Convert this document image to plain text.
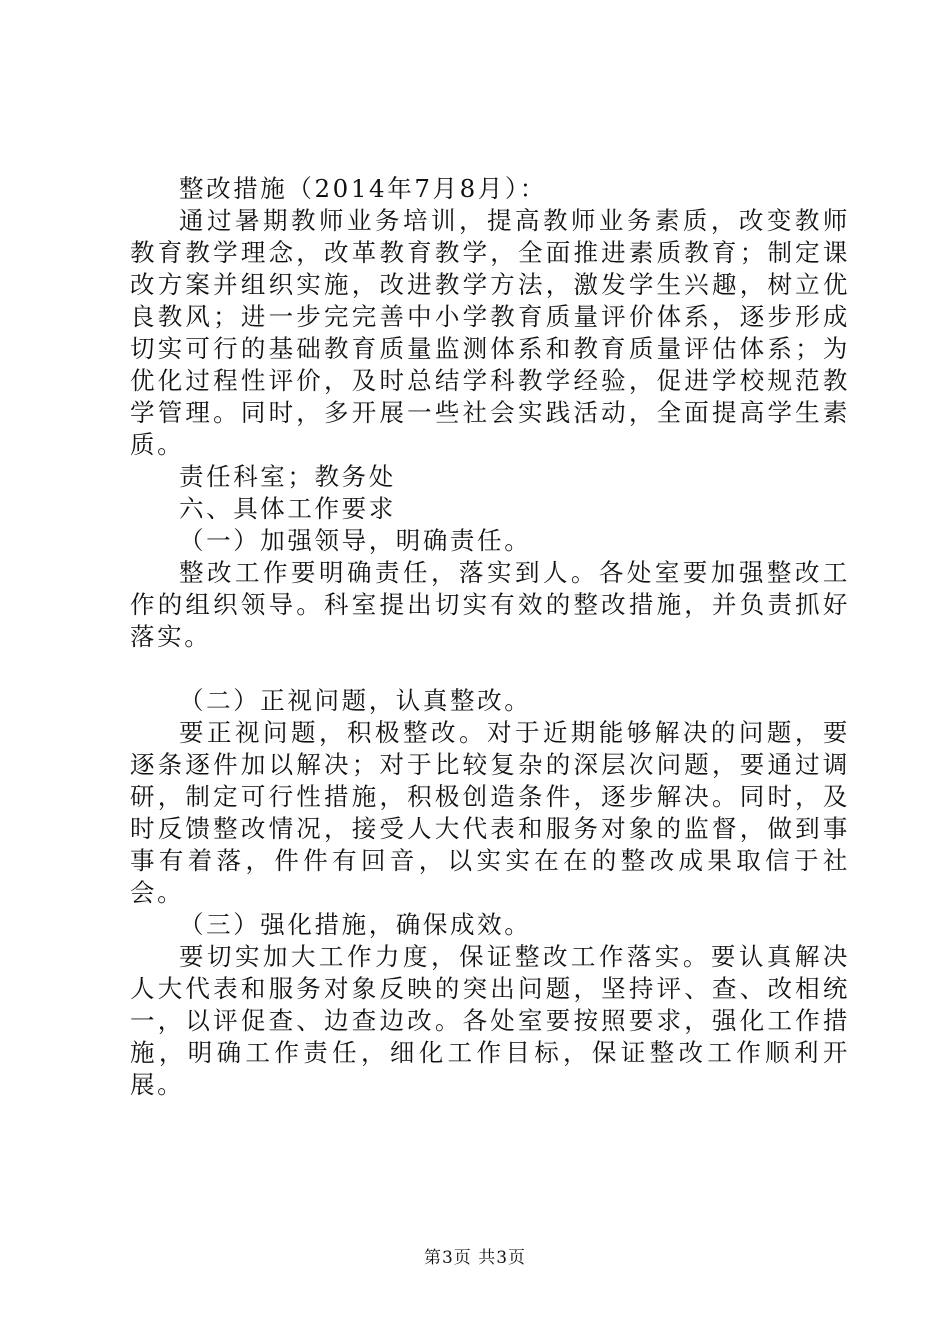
整改措施（2014年7月8月）：

通过暑期教师业务培训，提高教师业务素质，改变教师教育教学理念，改革教育教学，全面推进素质教育；制定课改方案并组织实施，改进教学方法，激发学生兴趣，树立优良教风；进一步完完善中小学教育质量评价体系，逐步形成切实可行的基础教育质量监测体系和教育质量评估体系；为优化过程性评价，及时总结学科教学经验，促进学校规范教学管理。同时，多开展一些社会实践活动，全面提高学生素质。

责任科室；教务处

六、具体工作要求

（一）加强领导，明确责任。

整改工作要明确责任，落实到人。各处室要加强整改工作的组织领导。科室提出切实有效的整改措施，并负责抓好落实。

（二）正视问题，认真整改。

要正视问题，积极整改。对于近期能够解决的问题，要逐条逐件加以解决；对于比较复杂的深层次问题，要通过调研，制定可行性措施，积极创造条件，逐步解决。同时，及时反馈整改情况，接受人大代表和服务对象的监督，做到事事有着落，件件有回音，以实实在在的整改成果取信于社会。

（三）强化措施，确保成效。

要切实加大工作力度，保证整改工作落实。要认真解决人大代表和服务对象反映的突出问题，坚持评、查、改相统一，以评促查、边查边改。各处室要按照要求，强化工作措施，明确工作责任，细化工作目标，保证整改工作顺利开展。

第3页 共3页
